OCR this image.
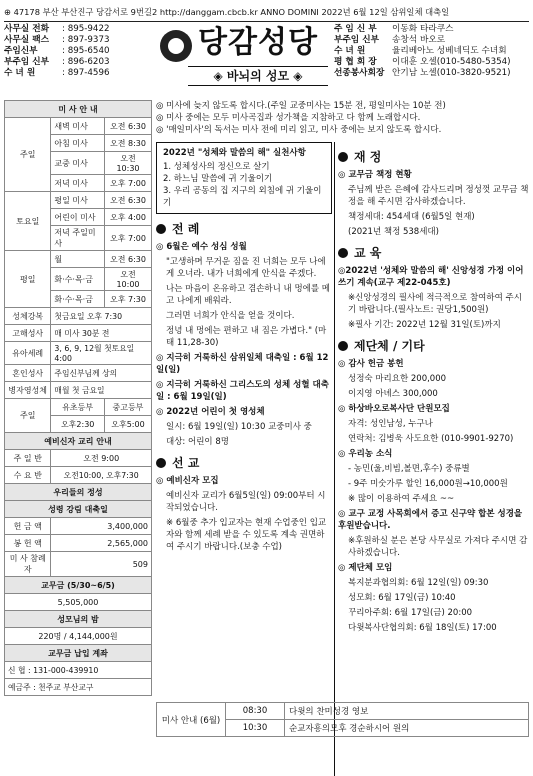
⊕ 47178 부산 부산진구 당감서로 9번길2 http://danggam.cbcb.kr ANNO DOMINI 2022년 6월 12일 삼위일체 대축일
사무실 전화	: 895-9422
사무실 팩스	: 897-9373
주임신부	: 895-6540
부주임 신부	: 896-6203
수 녀 원	: 897-4596
당감성당
◈ 바뇌의 성모 ◈
주 임 신 부	이동화 타라쿠스
부주임 신부	송창석 바오로
수 녀 원	율리베아노 성베네딕도 수녀회
평 협 회 장	이대훈 오셀(010-5480-5354)
선종봉사회장 안기남 노셀(010-3820-9521)
미 사 안 내		
주일	새벽 미사	오전 6:30
	아침 미사	오전 8:30
	교중 미사	오전 10:30
	저녁 미사	오후 7:00
토요일	평일 미사	오전 6:30
	어린이 미사	오후 4:00
	저녁 주일미사	오후 7:00
평일	월	오전 6:30
	화·수·목·금	오전 10:00
	화·수·목·금	오후 7:30
성체강복	첫금요일 오후 7:30	
고해성사	매 미사 30분 전	
유아세례	3, 6, 9, 12월 첫토요일 4:00	
혼인성사	주임신부님께 상의	
병자영성체	매월 첫 금요일	
주일	유초등부	중고등부
	오후2:30	오후5:00
예비신자 교리 안내		
주 일 반	오전 9:00	
수 요 반	오전10:00, 오후7:30	
우리들의 정성		
성령 강림 대축일		
헌 금 액	3,400,000	
봉 헌 액	2,565,000	
미 사 참례자	509	
교무금 (5/30~6/5)		
5,505,000		
성모님의 밤		
220명 / 4,144,000원		
교무금 납입 계좌		
신 협 : 131-000-439910		
예금주 : 천주교 부산교구		
◎ 미사에 늦지 않도록 합시다.(주일 교중미사는 15분 전, 평일미사는 10분 전)
◎ 미사 중에는 모두 미사곡집과 성가책을 지참하고 다 함께 노래합시다.
◎ '매일미사'의 독서는 미사 전에 미리 읽고, 미사 중에는 보지 않도록 합시다.
2022년 "성체와 말씀의 해" 실천사항
1. 성체성사의 정신으로 살기
2. 하느님 말씀에 귀 기울이기
3. 우리 공동의 집 지구의 외침에 귀 기울이기
전 례
◎ 6월은 예수 성심 성월
"고생하며 무거운 짐을 진 너희는 모두 나에게 오너라. 내가 너희에게 안식을 주겠다.
나는 마음이 온유하고 겸손하니 내 멍에를 메고 나에게 배워라.
그러면 너희가 안식을 얻을 것이다.
정녕 내 멍에는 편하고 내 짐은 가볍다." (마태 11,28-30)
◎ 지극히 거룩하신 삼위일체 대축일 : 6월 12일(일)
◎ 지극히 거룩하신 그리스도의 성체 성혈 대축일 : 6월 19일(일)
◎ 2022년 어린이 첫 영성체
일시: 6월 19일(일) 10:30 교중미사 중
대상: 어린이 8명
선 교
◎ 예비신자 모집
예비신자 교리가 6월5일(일) 09:00부터 시작되었습니다.
※ 6월중 추가 입교자는 현재 수업중인 입교자와 함께 세례 받을 수 있도록 계속 권면하여 주시기 바랍니다.(보충 수업)
재 정
◎ 교무금 책정 현황
주님께 받은 은혜에 감사드리며 정성껏 교무금 책정을 해 주시면 감사하겠습니다.
책정세대: 454세대 (6월5일 현재)
(2021년 책정 538세대)
교 육
◎2022년 '성체와 말씀의 해' 신앙성경 가정 이어쓰기 계속(교구 제22-045호)
※신앙성경의 필사에 적극적으로 참여하여 주시기 바랍니다.(필사노트: 권당1,500원)
※필사 기간: 2022년 12월 31일(토)까지
제단체 / 기타
◎ 감사 헌금 봉헌
성정숙 마리요한 200,000
이지영 아녜스 300,000
◎ 하상바오로복사단 단원모집
자격: 성인남성, 누구나
연락처: 김병욱 사도요한 (010-9901-9270)
◎ 우리농 소식
- 농민(울,비빔,볼면,후수) 중류별
- 9주 미숫가루 할인 16,000원→10,000원
※ 많이 이용하여 주세요 ~~
◎ 교구 교정 사목회에서 증고 신구약 합본 성경을 후원받습니다.
※후원하실 분은 본당 사무실로 가져다 주시면 감사하겠습니다.
◎ 제단체 모임
복지분과협의회: 6월 12일(일) 09:30
성모회: 6월 17일(금) 10:40
꾸리아주회: 6월 17일(금) 20:00
다윗복사단협의회: 6월 18일(토) 17:00
미사 안내 (6월)	08:30	다윗의 찬미성경 영보
	10:30	순교자흥의모후 경순하시어 원의
